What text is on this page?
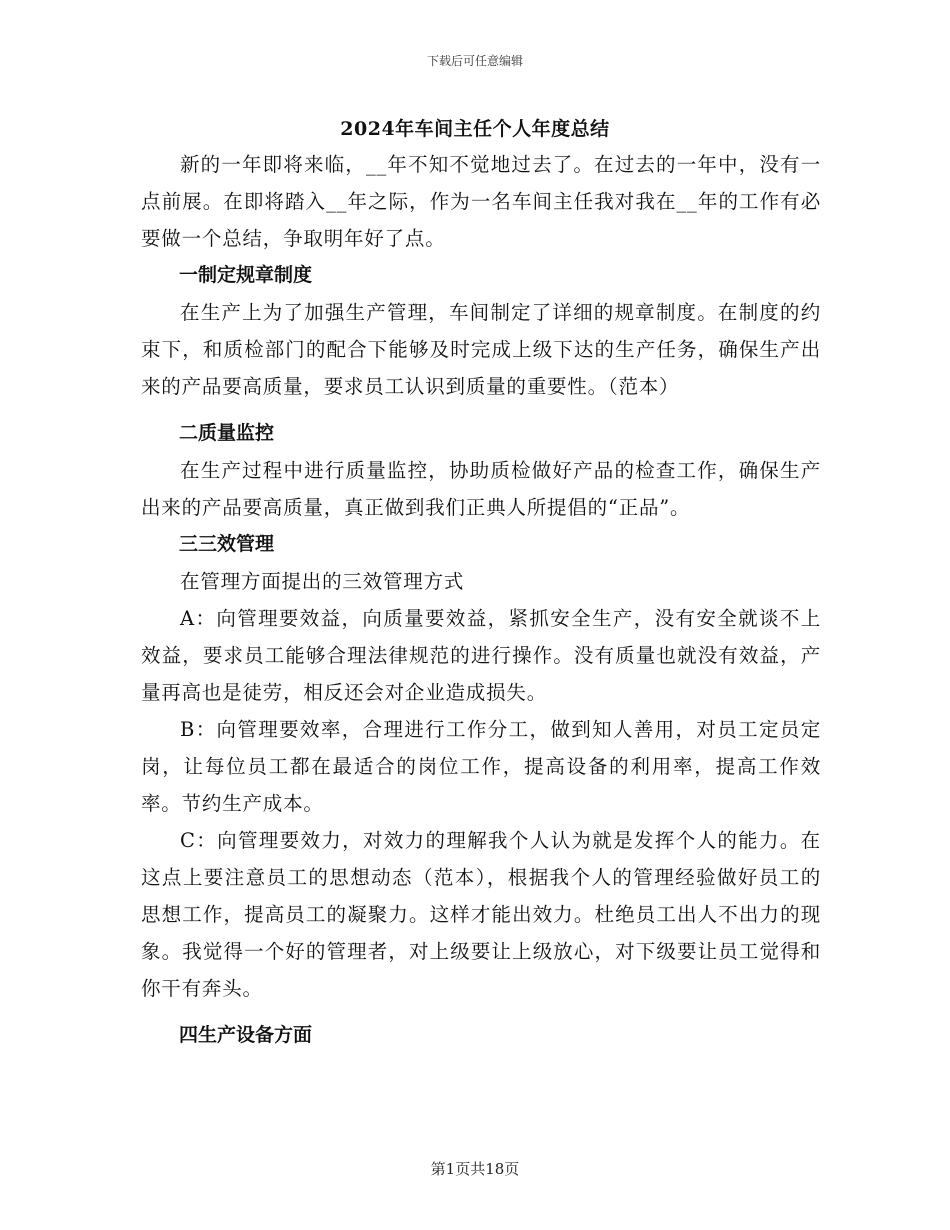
下载后可任意编辑
2024年车间主任个人年度总结

新的一年即将来临，__年不知不觉地过去了。在过去的一年中，没有一点前展。在即将踏入__年之际，作为一名车间主任我对我在__年的工作有必要做一个总结，争取明年好了点。

一制定规章制度

在生产上为了加强生产管理，车间制定了详细的规章制度。在制度的约束下，和质检部门的配合下能够及时完成上级下达的生产任务，确保生产出来的产品要高质量，要求员工认识到质量的重要性。（范本）

二质量监控

在生产过程中进行质量监控，协助质检做好产品的检查工作，确保生产出来的产品要高质量，真正做到我们正典人所提倡的“正品”。

三三效管理

在管理方面提出的三效管理方式

A：向管理要效益，向质量要效益，紧抓安全生产，没有安全就谈不上效益，要求员工能够合理法律规范的进行操作。没有质量也就没有效益，产量再高也是徒劳，相反还会对企业造成损失。

B：向管理要效率，合理进行工作分工，做到知人善用，对员工定员定岗，让每位员工都在最适合的岗位工作，提高设备的利用率，提高工作效率。节约生产成本。

C：向管理要效力，对效力的理解我个人认为就是发挥个人的能力。在这点上要注意员工的思想动态（范本），根据我个人的管理经验做好员工的思想工作，提高员工的凝聚力。这样才能出效力。杜绝员工出人不出力的现象。我觉得一个好的管理者，对上级要让上级放心，对下级要让员工觉得和你干有奔头。

四生产设备方面

第1页共18页
